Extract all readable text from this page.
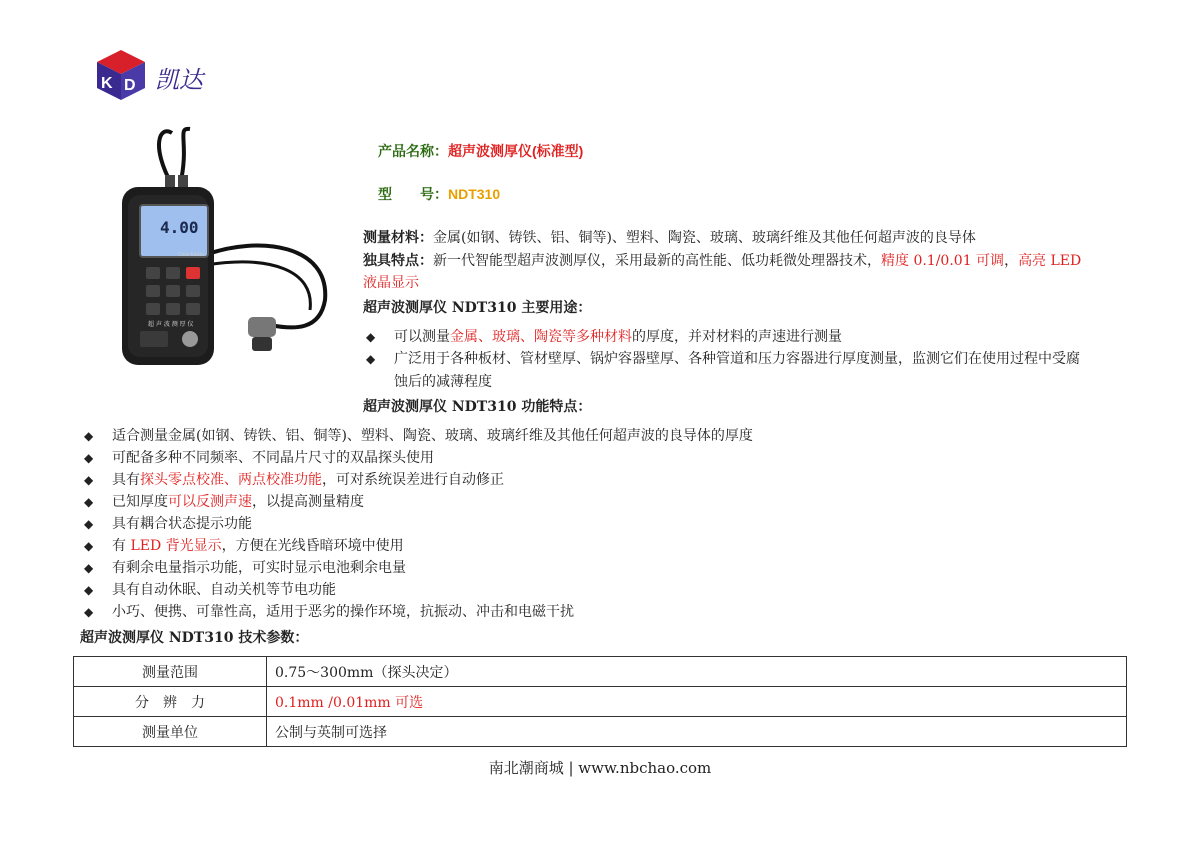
K D 凯达
4.00
Cica Kaida
超 声 波 测 厚 仪
产品名称：超声波测厚仪(标准型)
型　　号：NDT310
测量材料：金属(如钢、铸铁、铝、铜等)、塑料、陶瓷、玻璃、玻璃纤维及其他任何超声波的良导体
独具特点：新一代智能型超声波测厚仪，采用最新的高性能、低功耗微处理器技术，精度 0.1/0.01 可调，高亮 LED
液晶显示
超声波测厚仪 NDT310 主要用途：
◆ 可以测量金属、玻璃、陶瓷等多种材料的厚度，并对材料的声速进行测量
◆ 广泛用于各种板材、管材壁厚、锅炉容器壁厚、各种管道和压力容器进行厚度测量，监测它们在使用过程中受腐
蚀后的减薄程度
超声波测厚仪 NDT310 功能特点：
◆ 适合测量金属(如钢、铸铁、铝、铜等)、塑料、陶瓷、玻璃、玻璃纤维及其他任何超声波的良导体的厚度
◆ 可配备多种不同频率、不同晶片尺寸的双晶探头使用
◆ 具有探头零点校准、两点校准功能，可对系统误差进行自动修正
◆ 已知厚度可以反测声速，以提高测量精度
◆ 具有耦合状态提示功能
◆ 有 LED 背光显示，方便在光线昏暗环境中使用
◆ 有剩余电量指示功能，可实时显示电池剩余电量
◆ 具有自动休眠、自动关机等节电功能
◆ 小巧、便携、可靠性高，适用于恶劣的操作环境，抗振动、冲击和电磁干扰
超声波测厚仪 NDT310 技术参数：
测量范围	0.75～300mm（探头决定）
分　辨　力	0.1mm /0.01mm 可选
测量单位	公制与英制可选择
南北潮商城 | www.nbchao.com
